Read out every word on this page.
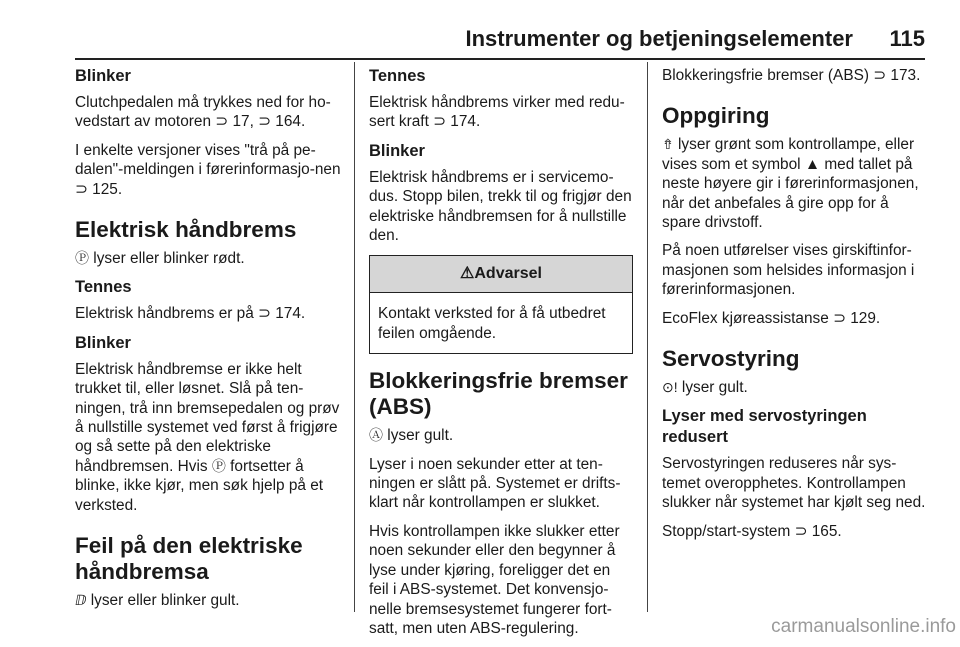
Instrumenter og betjeningselementer 115
Blinker
Clutchpedalen må trykkes ned for ho-vedstart av motoren ⊃ 17, ⊃ 164.
I enkelte versjoner vises "trå på pe-dalen"-meldingen i førerinformasjo-nen ⊃ 125.
Elektrisk håndbrems
Ⓟ lyser eller blinker rødt.
Tennes
Elektrisk håndbrems er på ⊃ 174.
Blinker
Elektrisk håndbremse er ikke helt trukket til, eller løsnet. Slå på ten-ningen, trå inn bremsepedalen og prøv å nullstille systemet ved først å frigjøre og så sette på den elektriske håndbremsen. Hvis Ⓟ fortsetter å blinke, ikke kjør, men søk hjelp på et verksted.
Feil på den elektriske håndbremsa
ⅅ lyser eller blinker gult.
Tennes
Elektrisk håndbrems virker med redu-sert kraft ⊃ 174.
Blinker
Elektrisk håndbrems er i servicemo-dus. Stopp bilen, trekk til og frigjør den elektriske håndbremsen for å nullstille den.
⚠Advarsel
Kontakt verksted for å få utbedret feilen omgående.
Blokkeringsfrie bremser (ABS)
Ⓐ lyser gult.
Lyser i noen sekunder etter at ten-ningen er slått på. Systemet er drifts-klart når kontrollampen er slukket.
Hvis kontrollampen ikke slukker etter noen sekunder eller den begynner å lyse under kjøring, foreligger det en feil i ABS-systemet. Det konvensjo-nelle bremsesystemet fungerer fort-satt, men uten ABS-regulering.
Blokkeringsfrie bremser (ABS) ⊃ 173.
Oppgiring
⇮ lyser grønt som kontrollampe, eller vises som et symbol ▲ med tallet på neste høyere gir i førerinformasjonen, når det anbefales å gire opp for å spare drivstoff.
På noen utførelser vises girskiftinfor-masjonen som helsides informasjon i førerinformasjonen.
EcoFlex kjøreassistanse ⊃ 129.
Servostyring
⊙! lyser gult.
Lyser med servostyringen redusert
Servostyringen reduseres når sys-temet overopphetes. Kontrollampen slukker når systemet har kjølt seg ned.
Stopp/start-system ⊃ 165.
carmanualsonline.info
